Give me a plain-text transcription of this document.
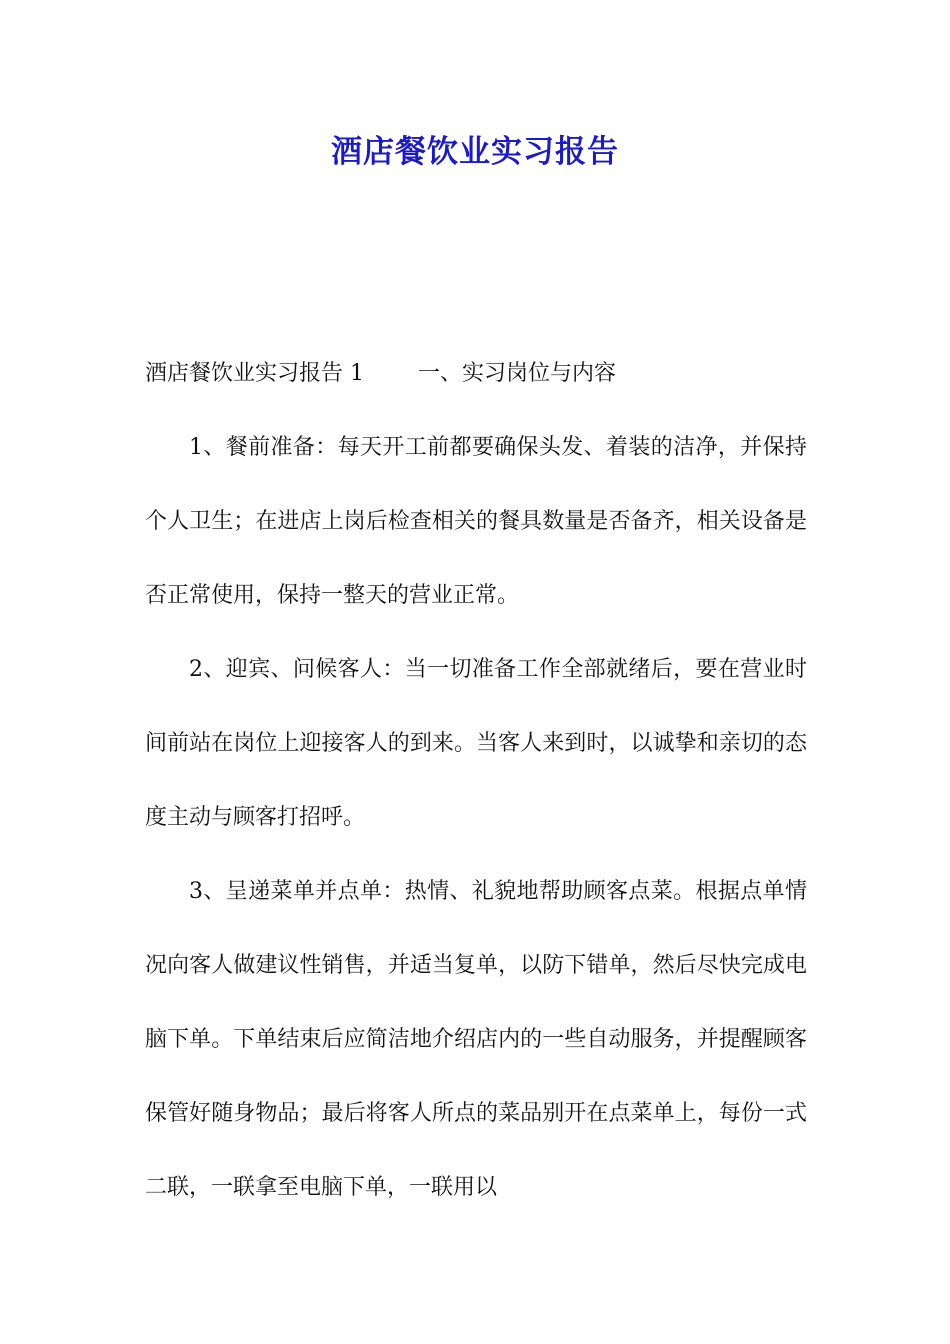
酒店餐饮业实习报告

酒店餐饮业实习报告 1 一、实习岗位与内容

1、餐前准备：每天开工前都要确保头发、着装的洁净，并保持个人卫生；在进店上岗后检查相关的餐具数量是否备齐，相关设备是否正常使用，保持一整天的营业正常。

2、迎宾、问候客人：当一切准备工作全部就绪后，要在营业时间前站在岗位上迎接客人的到来。当客人来到时，以诚挚和亲切的态度主动与顾客打招呼。

3、呈递菜单并点单：热情、礼貌地帮助顾客点菜。根据点单情况向客人做建议性销售，并适当复单，以防下错单，然后尽快完成电脑下单。下单结束后应简洁地介绍店内的一些自动服务，并提醒顾客保管好随身物品；最后将客人所点的菜品别开在点菜单上，每份一式二联，一联拿至电脑下单，一联用以
